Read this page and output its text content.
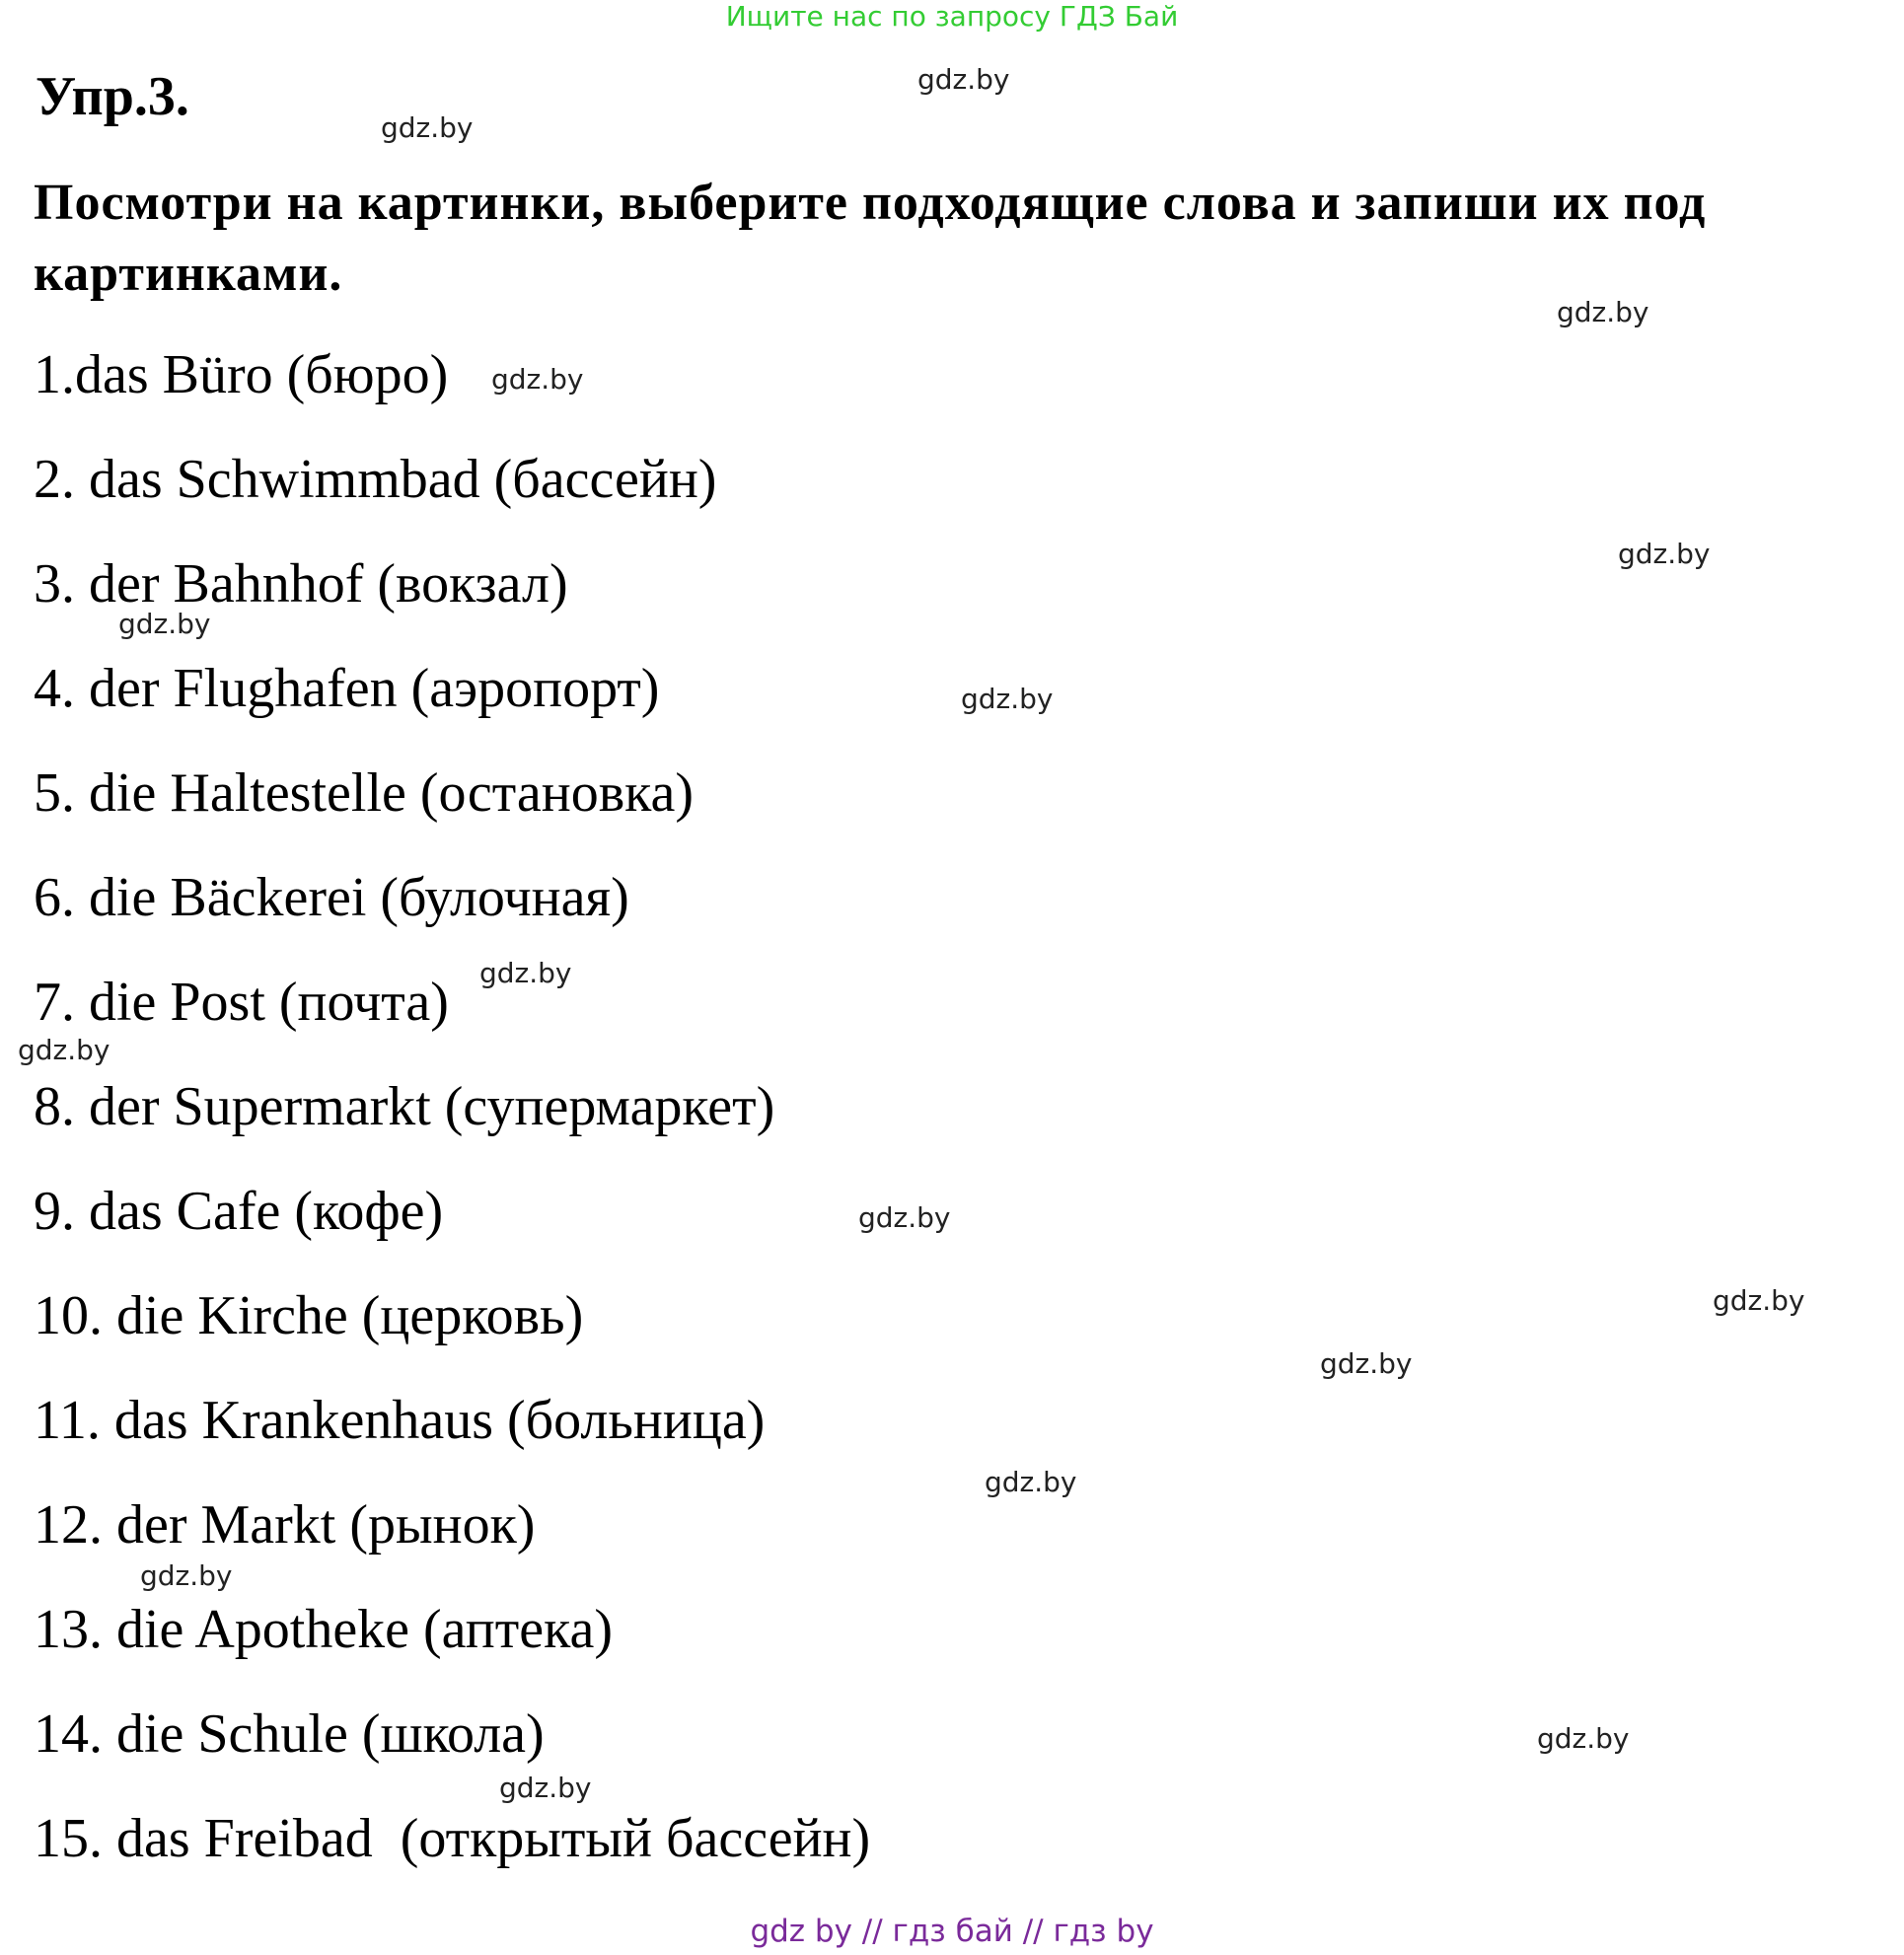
Ищите нас по запросу ГДЗ Бай
Упр.3.
Посмотри на картинки, выберите подходящие слова и запиши их под картинками.
1.das Büro (бюро)
2. das Schwimmbad (бассейн)
3. der Bahnhof (вокзал)
4. der Flughafen (аэропорт)
5. die Haltestelle (остановка)
6. die Bäckerei (булочная)
7. die Post (почта)
8. der Supermarkt (супермаркет)
9. das Cafe (кофе)
10. die Kirche (церковь)
11. das Krankenhaus (больница)
12. der Markt (рынок)
13. die Apotheke (аптека)
14. die Schule (школа)
15. das Freibad  (открытый бассейн)
gdz.by
gdz.by
gdz.by
gdz.by
gdz.by
gdz.by
gdz.by
gdz.by
gdz.by
gdz.by
gdz.by
gdz.by
gdz.by
gdz.by
gdz.by
gdz.by
gdz by // гдз бай // гдз by
